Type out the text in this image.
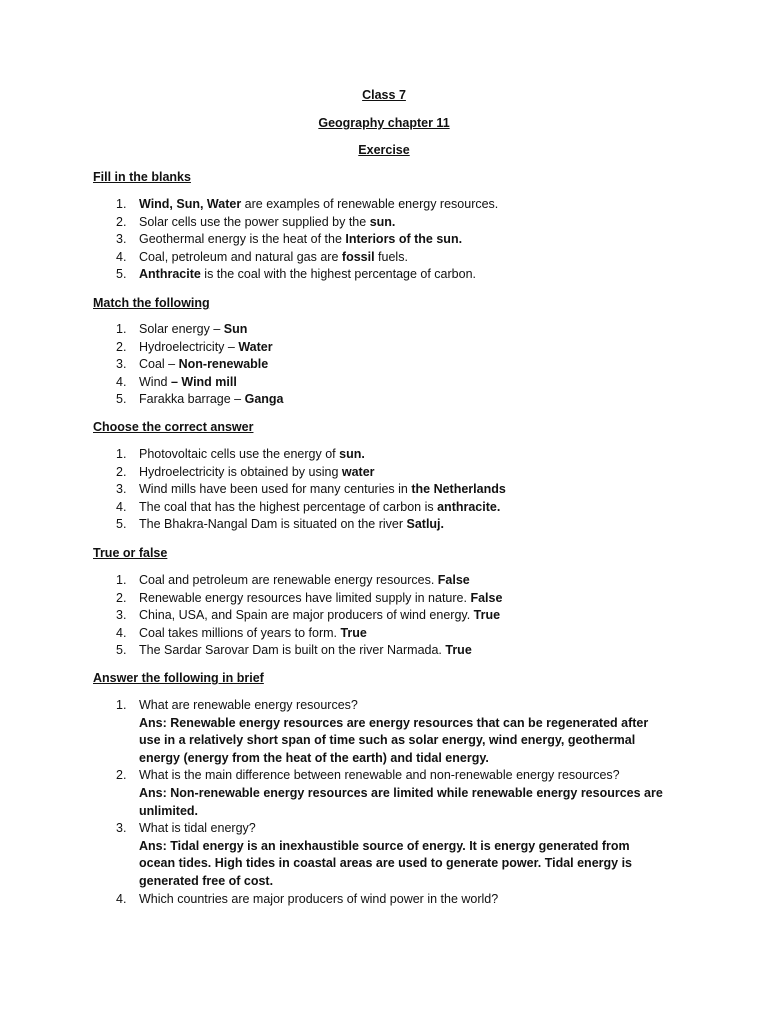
Class 7
Geography chapter 11
Exercise
Fill in the blanks
1.	Wind, Sun, Water are examples of renewable energy resources.
2.	Solar cells use the power supplied by the sun.
3.	Geothermal energy is the heat of the Interiors of the sun.
4.	Coal, petroleum and natural gas are fossil fuels.
5.	Anthracite is the coal with the highest percentage of carbon.
Match the following
1.	Solar energy – Sun
2.	Hydroelectricity – Water
3.	Coal – Non-renewable
4.	Wind – Wind mill
5.	Farakka barrage – Ganga
Choose the correct answer
1.	Photovoltaic cells use the energy of sun.
2.	Hydroelectricity is obtained by using water
3.	Wind mills have been used for many centuries in the Netherlands
4.	The coal that has the highest percentage of carbon is anthracite.
5.	The Bhakra-Nangal Dam is situated on the river Satluj.
True or false
1.	Coal and petroleum are renewable energy resources. False
2.	Renewable energy resources have limited supply in nature. False
3.	China, USA, and Spain are major producers of wind energy. True
4.	Coal takes millions of years to form. True
5.	The Sardar Sarovar Dam is built on the river Narmada. True
Answer the following in brief
1.	What are renewable energy resources?
Ans: Renewable energy resources are energy resources that can be regenerated after use in a relatively short span of time such as solar energy, wind energy, geothermal energy (energy from the heat of the earth) and tidal energy.
2.	What is the main difference between renewable and non-renewable energy resources?
Ans: Non-renewable energy resources are limited while renewable energy resources are unlimited.
3.	What is tidal energy?
Ans: Tidal energy is an inexhaustible source of energy. It is energy generated from ocean tides. High tides in coastal areas are used to generate power. Tidal energy is generated free of cost.
4.	Which countries are major producers of wind power in the world?
